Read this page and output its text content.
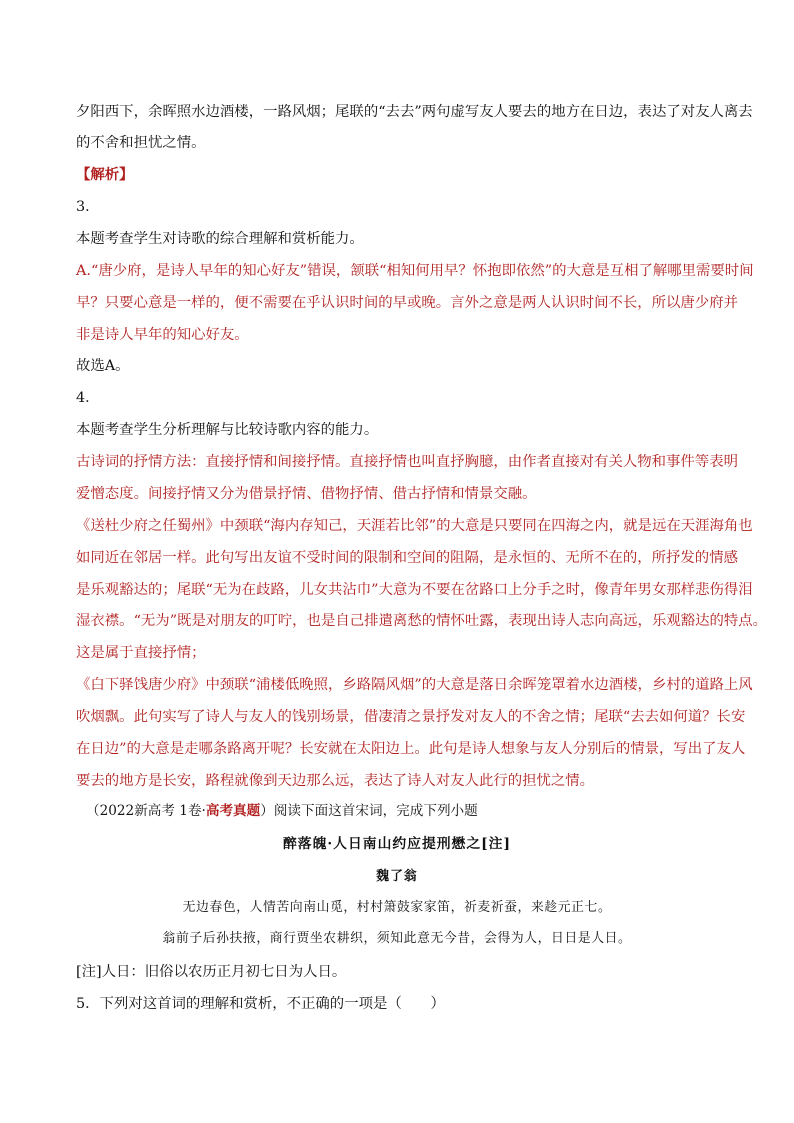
夕阳西下，余晖照水边酒楼，一路风烟；尾联的“去去”两句虚写友人要去的地方在日边，表达了对友人离去
的不舍和担忧之情。
【解析】
3．
本题考查学生对诗歌的综合理解和赏析能力。
A.“唐少府，是诗人早年的知心好友”错误，颔联“相知何用早？怀抱即依然”的大意是互相了解哪里需要时间
早？只要心意是一样的，便不需要在乎认识时间的早或晚。言外之意是两人认识时间不长，所以唐少府并
非是诗人早年的知心好友。
故选A。
4．
本题考查学生分析理解与比较诗歌内容的能力。
古诗词的抒情方法：直接抒情和间接抒情。直接抒情也叫直抒胸臆，由作者直接对有关人物和事件等表明
爱憎态度。间接抒情又分为借景抒情、借物抒情、借古抒情和情景交融。
《送杜少府之任蜀州》中颈联“海内存知己，天涯若比邻”的大意是只要同在四海之内，就是远在天涯海角也
如同近在邻居一样。此句写出友谊不受时间的限制和空间的阻隔，是永恒的、无所不在的，所抒发的情感
是乐观豁达的；尾联“无为在歧路，儿女共沾巾”大意为不要在岔路口上分手之时，像青年男女那样悲伤得泪
湿衣襟。“无为”既是对朋友的叮咛，也是自己排遣离愁的情怀吐露，表现出诗人志向高远，乐观豁达的特点。
这是属于直接抒情；
《白下驿饯唐少府》中颈联“浦楼低晚照，乡路隔风烟”的大意是落日余晖笼罩着水边酒楼，乡村的道路上风
吹烟飘。此句实写了诗人与友人的饯别场景，借凄清之景抒发对友人的不舍之情；尾联“去去如何道？长安
在日边”的大意是走哪条路离开呢？长安就在太阳边上。此句是诗人想象与友人分别后的情景，写出了友人
要去的地方是长安，路程就像到天边那么远，表达了诗人对友人此行的担忧之情。
（2022新高考 1卷·高考真题）阅读下面这首宋词，完成下列小题
醉落魄·人日南山约应提刑懋之[注]
魏了翁
无边春色，人情苦向南山觅，村村箫鼓家家笛，祈麦祈蚕，来趁元正七。
翁前子后孙扶掖，商行贾坐农耕织，须知此意无今昔，会得为人，日日是人日。
[注]人日：旧俗以农历正月初七日为人日。
5．下列对这首词的理解和赏析，不正确的一项是（　　）
